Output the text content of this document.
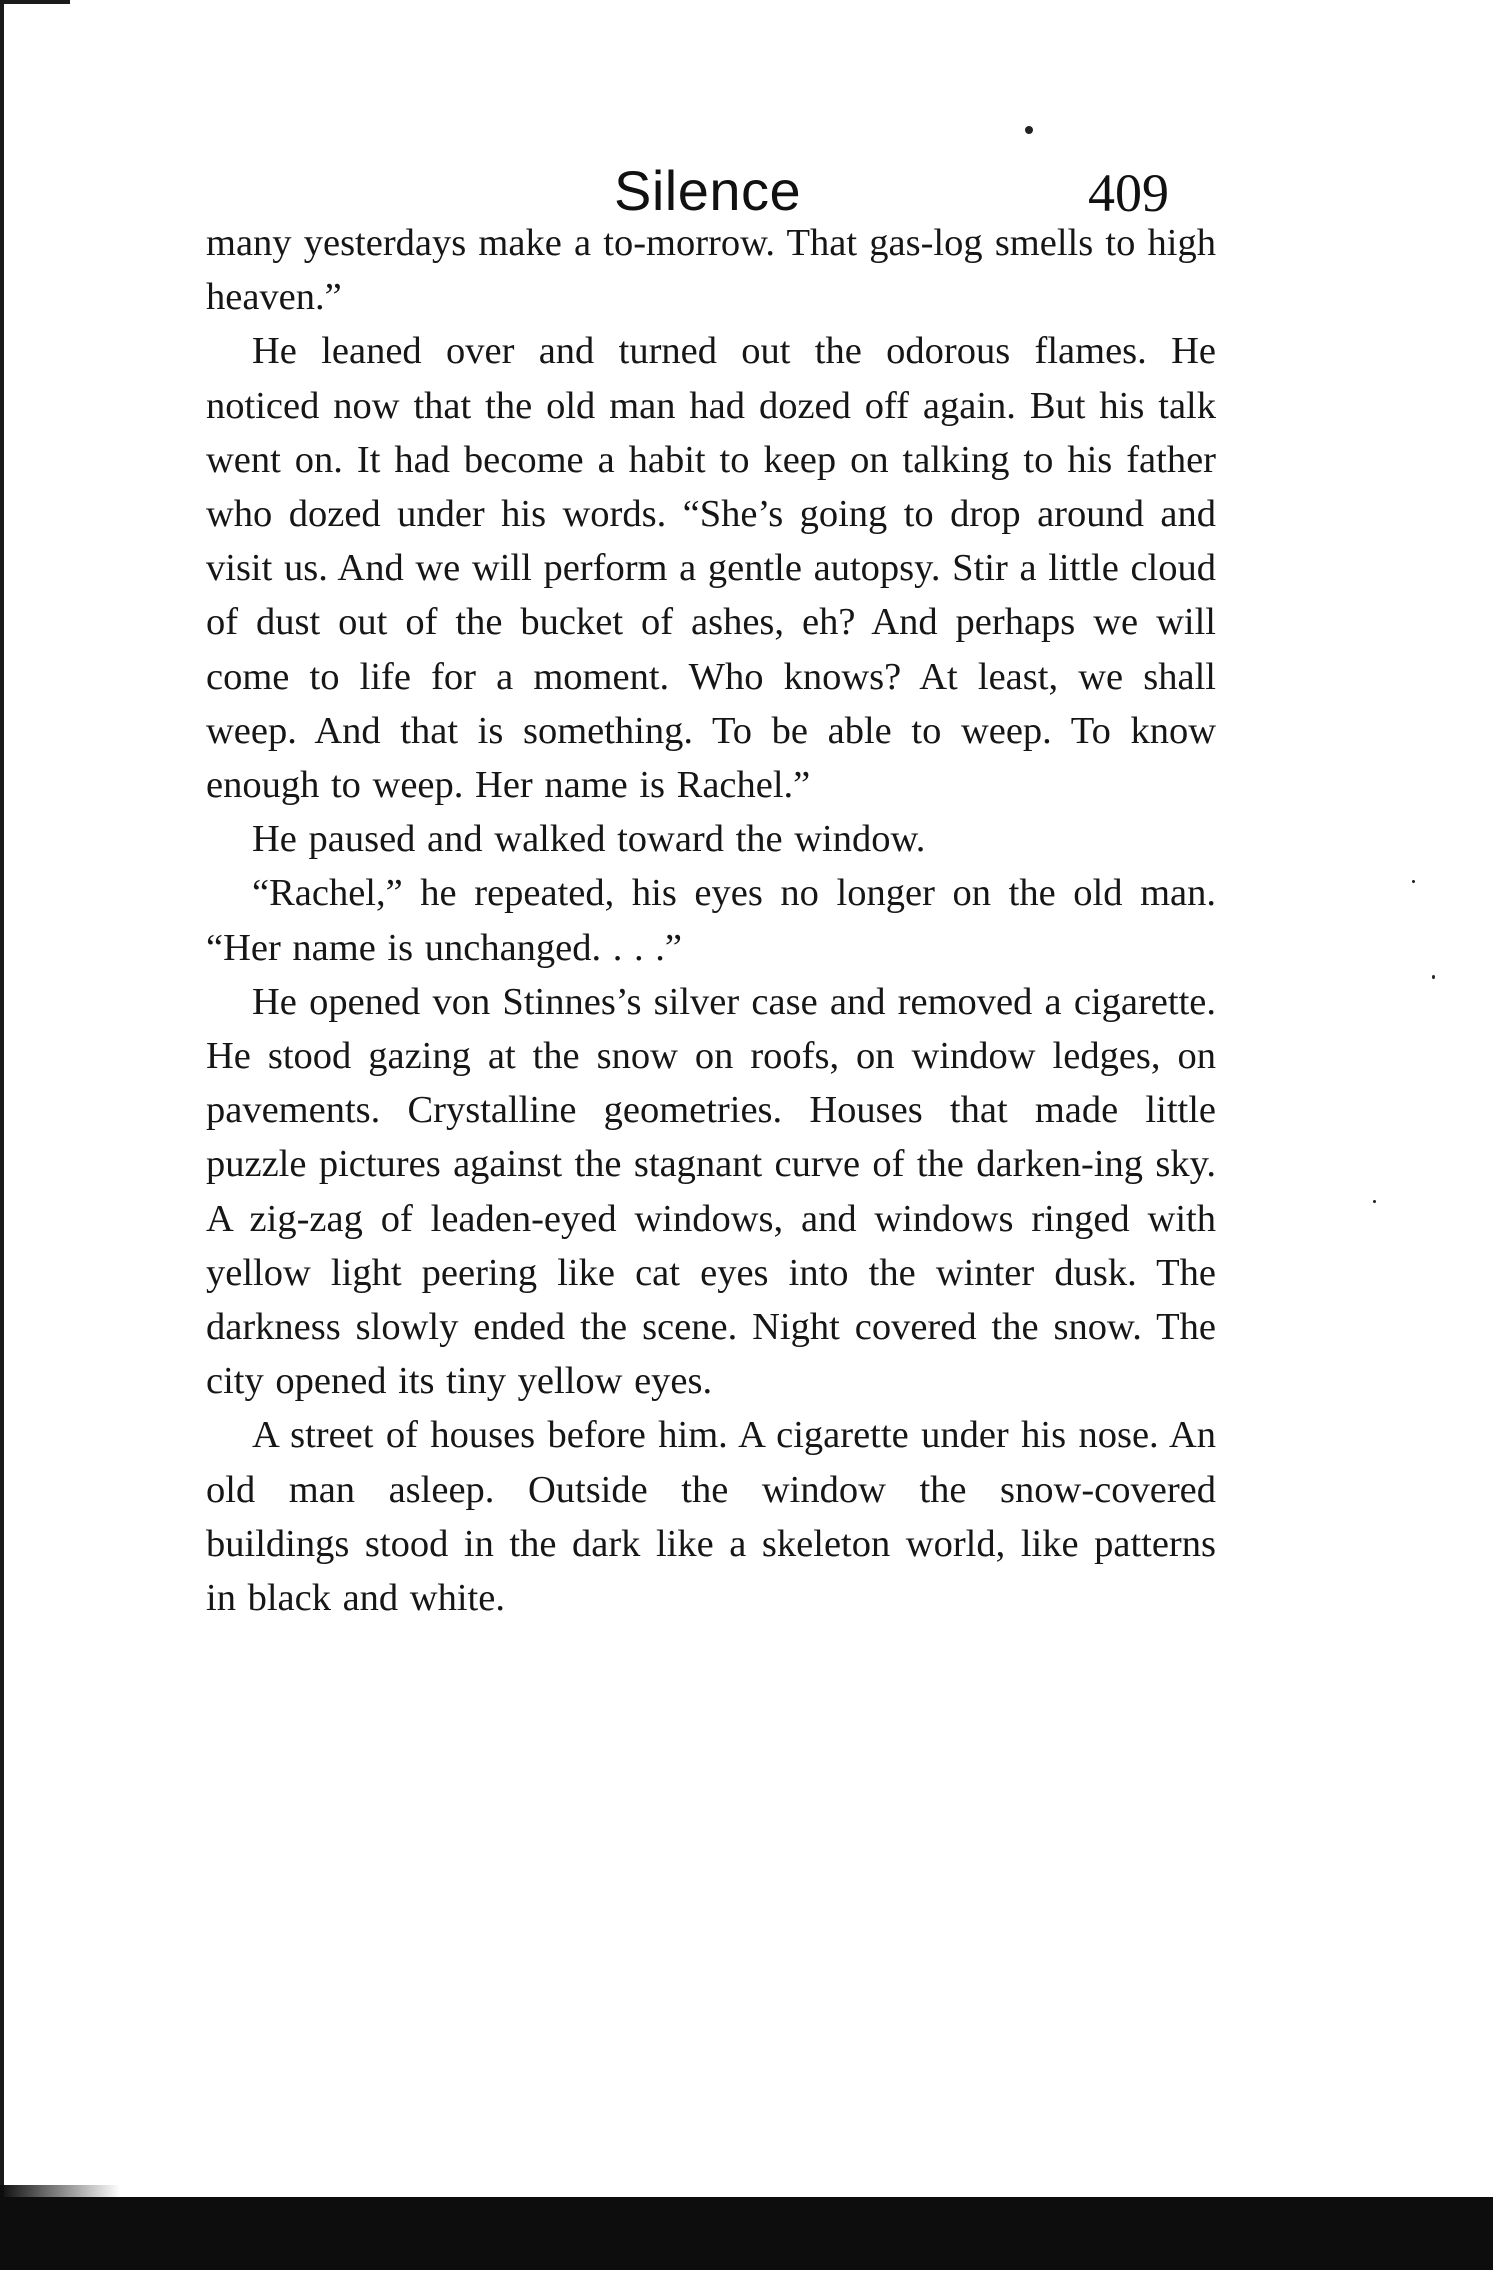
Silence	409

many yesterdays make a to-morrow. That gas-log smells to high heaven.”

He leaned over and turned out the odorous flames. He noticed now that the old man had dozed off again. But his talk went on. It had become a habit to keep on talking to his father who dozed under his words. “She’s going to drop around and visit us. And we will perform a gentle autopsy. Stir a little cloud of dust out of the bucket of ashes, eh? And perhaps we will come to life for a moment. Who knows? At least, we shall weep. And that is something. To be able to weep. To know enough to weep. Her name is Rachel.”

He paused and walked toward the window.

“Rachel,” he repeated, his eyes no longer on the old man. “Her name is unchanged. . . .”

He opened von Stinnes’s silver case and removed a cigarette. He stood gazing at the snow on roofs, on window ledges, on pavements. Crystalline geometries. Houses that made little puzzle pictures against the stagnant curve of the darken-ing sky. A zig-zag of leaden-eyed windows, and windows ringed with yellow light peering like cat eyes into the winter dusk. The darkness slowly ended the scene. Night covered the snow. The city opened its tiny yellow eyes.

A street of houses before him. A cigarette under his nose. An old man asleep. Outside the window the snow-covered buildings stood in the dark like a skeleton world, like patterns in black and white.
